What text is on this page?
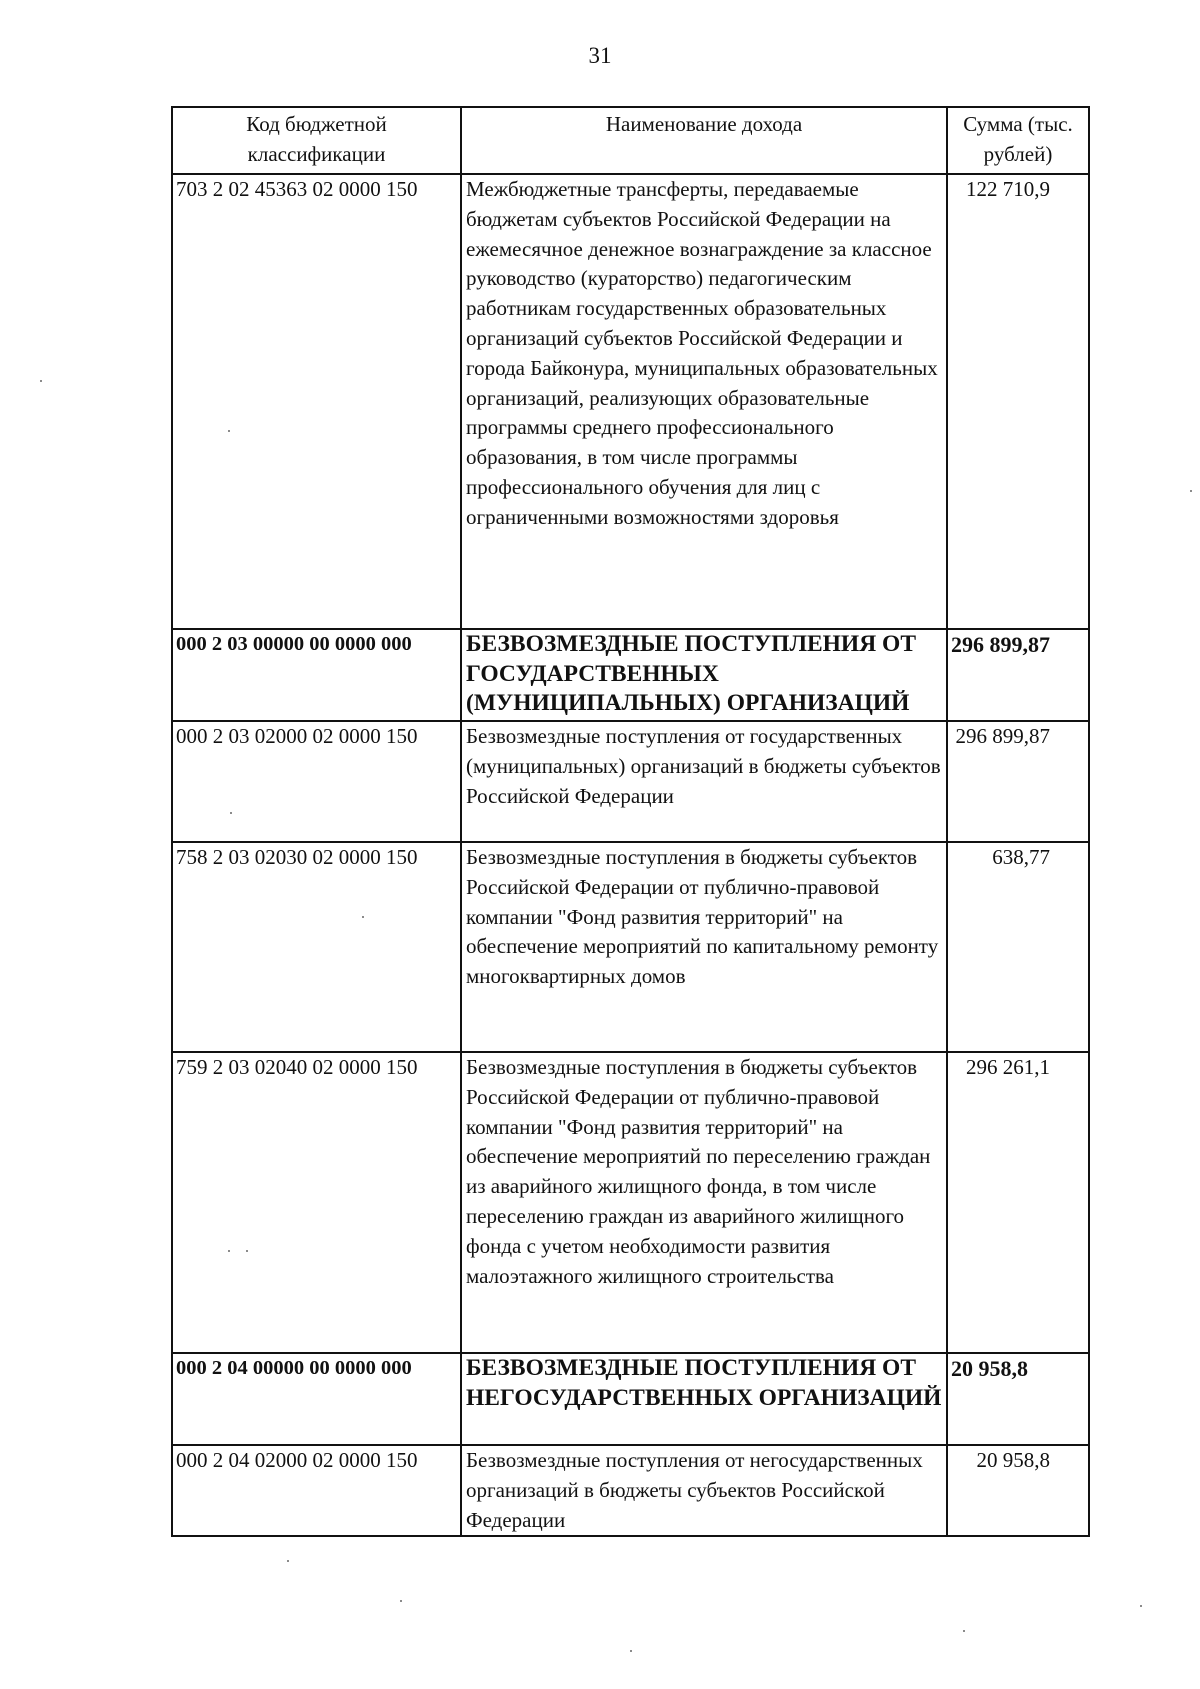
31
Код бюджетной классификации	Наименование дохода	Сумма (тыс. рублей)
703 2 02 45363 02 0000 150	Межбюджетные трансферты, передаваемые бюджетам субъектов Российской Федерации на ежемесячное денежное вознаграждение за классное руководство (кураторство) педагогическим работникам государственных образовательных организаций субъектов Российской Федерации и города Байконура, муниципальных образовательных организаций, реализующих образовательные программы среднего профессионального образования, в том числе программы профессионального обучения для лиц с ограниченными возможностями здоровья	122 710,9
000 2 03 00000 00 0000 000	БЕЗВОЗМЕЗДНЫЕ ПОСТУПЛЕНИЯ ОТ ГОСУДАРСТВЕННЫХ (МУНИЦИПАЛЬНЫХ) ОРГАНИЗАЦИЙ	296 899,87
000 2 03 02000 02 0000 150	Безвозмездные поступления от государственных (муниципальных) организаций в бюджеты субъектов Российской Федерации	296 899,87
758 2 03 02030 02 0000 150	Безвозмездные поступления в бюджеты субъектов Российской Федерации от публично-правовой компании "Фонд развития территорий" на обеспечение мероприятий по капитальному ремонту многоквартирных домов	638,77
759 2 03 02040 02 0000 150	Безвозмездные поступления в бюджеты субъектов Российской Федерации от публично-правовой компании "Фонд развития территорий" на обеспечение мероприятий по переселению граждан из аварийного жилищного фонда, в том числе переселению граждан из аварийного жилищного фонда с учетом необходимости развития малоэтажного жилищного строительства	296 261,1
000 2 04 00000 00 0000 000	БЕЗВОЗМЕЗДНЫЕ ПОСТУПЛЕНИЯ ОТ НЕГОСУДАРСТВЕННЫХ ОРГАНИЗАЦИЙ	20 958,8
000 2 04 02000 02 0000 150	Безвозмездные поступления от негосударственных организаций в бюджеты субъектов Российской Федерации	20 958,8
